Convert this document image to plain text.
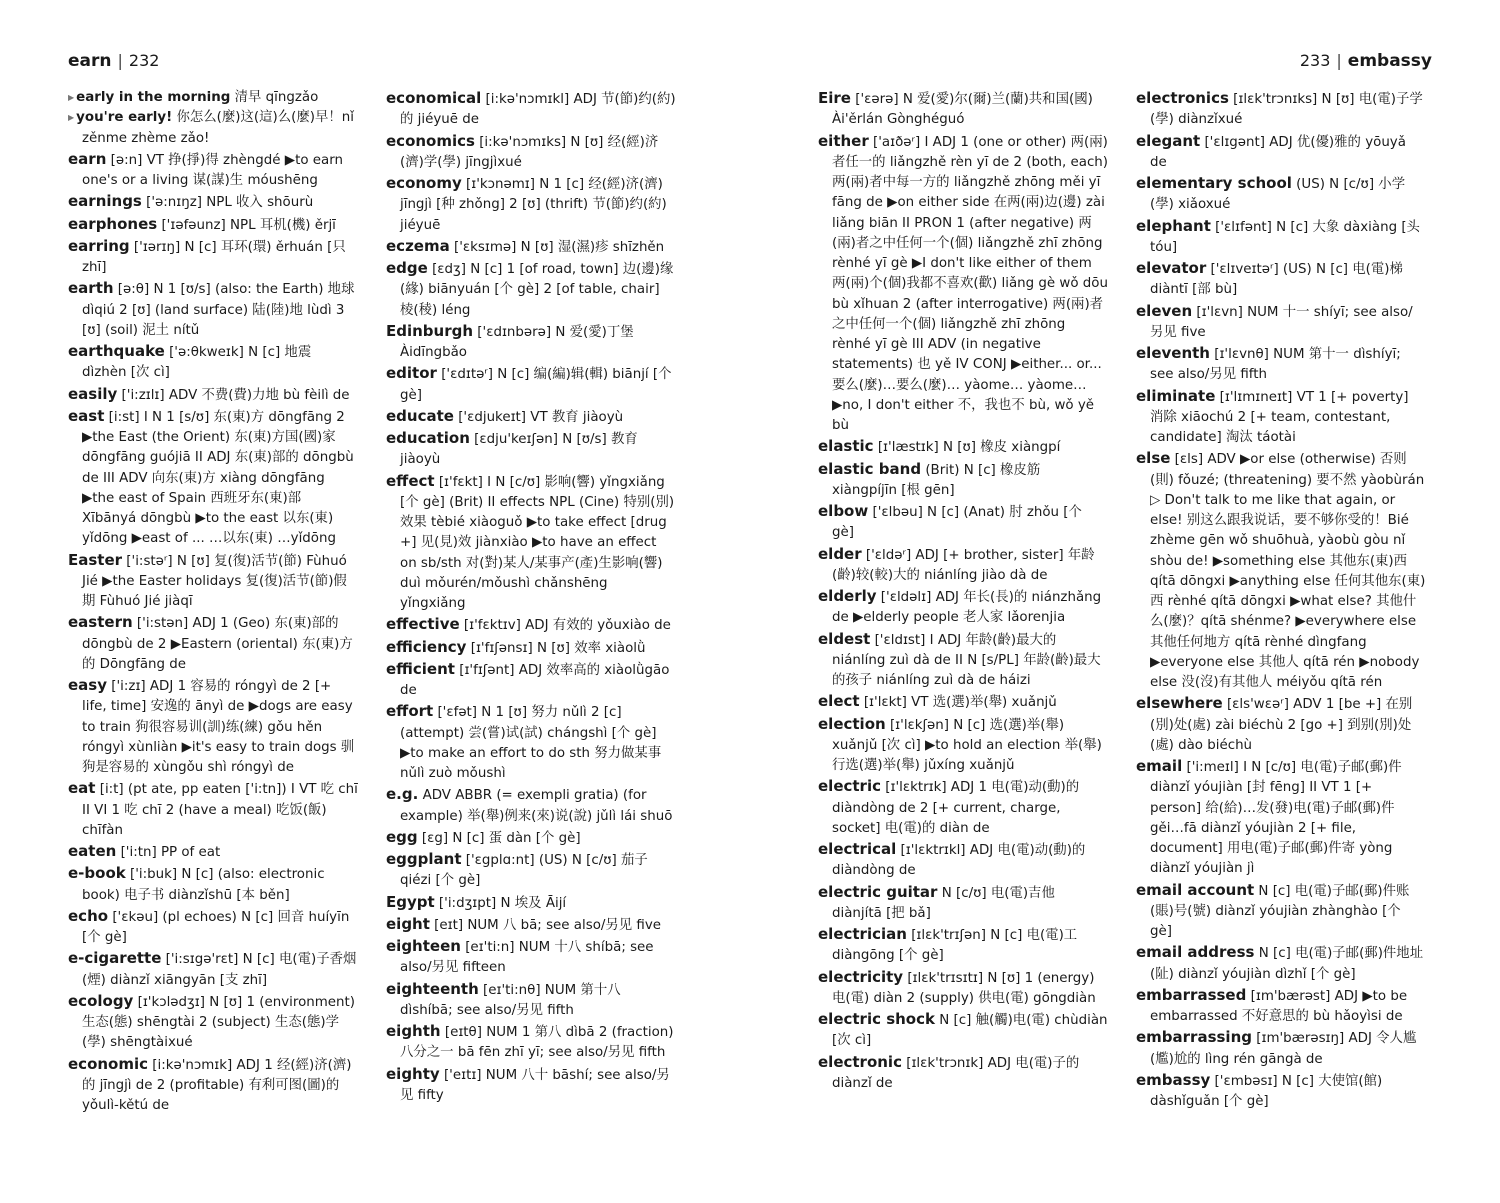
earn | 232

▶ early in the morning 清早 qīngzǎo

▶ you're early! 你怎么(麼)这(這)么(麼)早！nǐ zěnme zhème zǎo!

earn [ə:n] VT 挣(掙)得 zhèngdé ▶to earn one's or a living 谋(謀)生 móushēng

earnings ['ə:nɪŋz] NPL 收入 shōurù

earphones ['ɪəfəunz] NPL 耳机(機) ěrjī

earring ['ɪərɪŋ] N [c] 耳环(環) ěrhuán [只 zhī]

earth [ə:θ] N 1 [ʊ/s] (also: the Earth) 地球 dìqiú 2 [ʊ] (land surface) 陆(陸)地 lùdì 3 [ʊ] (soil) 泥土 nítǔ

earthquake ['ə:θkweɪk] N [c] 地震 dìzhèn [次 cì]

easily ['i:zɪlɪ] ADV 不费(費)力地 bù fèilì de

east [i:st] I N 1 [s/ʊ] 东(東)方 dōngfāng 2 ▶the East (the Orient) 东(東)方国(國)家 dōngfāng guójiā II ADJ 东(東)部的 dōngbù de III ADV 向东(東)方 xiàng dōngfāng ▶the east of Spain 西班牙东(東)部 Xībānyá dōngbù ▶to the east 以东(東) yǐdōng ▶east of ... …以东(東) …yǐdōng

Easter ['i:stəʳ] N [ʊ] 复(復)活节(節) Fùhuó Jié ▶the Easter holidays 复(復)活节(節)假期 Fùhuó Jié jiàqī

eastern ['i:stən] ADJ 1 (Geo) 东(東)部的 dōngbù de 2 ▶Eastern (oriental) 东(東)方的 Dōngfāng de

easy ['i:zɪ] ADJ 1 容易的 róngyì de 2 [+ life, time] 安逸的 ānyì de ▶dogs are easy to train 狗很容易训(訓)练(練) gǒu hěn róngyì xùnliàn ▶it's easy to train dogs 驯狗是容易的 xùngǒu shì róngyì de

eat [i:t] (pt ate, pp eaten ['i:tn]) I VT 吃 chī II VI 1 吃 chī 2 (have a meal) 吃饭(飯) chīfàn

eaten ['i:tn] PP of eat

e-book ['i:buk] N [c] (also: electronic book) 电子书 diànzǐshū [本 běn]

echo ['ɛkəu] (pl echoes) N [c] 回音 huíyīn [个 gè]

e-cigarette ['i:sɪgə'rɛt] N [c] 电(電)子香烟(煙) diànzǐ xiāngyān [支 zhī]

ecology [ɪ'kɔlədʒɪ] N [ʊ] 1 (environment) 生态(態) shēngtài 2 (subject) 生态(態)学(學) shēngtàixué

economic [i:kə'nɔmɪk] ADJ 1 经(經)济(濟)的 jīngjì de 2 (profitable) 有利可图(圖)的 yǒulì-kětú de

economical [i:kə'nɔmɪkl] ADJ 节(節)约(約)的 jiéyuē de

economics [i:kə'nɔmɪks] N [ʊ] 经(經)济(濟)学(學) jīngjìxué

economy [ɪ'kɔnəmɪ] N 1 [c] 经(經)济(濟) jīngjì [种 zhǒng] 2 [ʊ] (thrift) 节(節)约(約) jiéyuē

eczema ['ɛksɪmə] N [ʊ] 湿(濕)疹 shīzhěn

edge [ɛdʒ] N [c] 1 [of road, town] 边(邊)缘(緣) biānyuán [个 gè] 2 [of table, chair] 棱(稜) léng

Edinburgh ['ɛdɪnbərə] N 爱(愛)丁堡 Àidīngbǎo

editor ['ɛdɪtəʳ] N [c] 编(編)辑(輯) biānjí [个 gè]

educate ['ɛdjukeɪt] VT 教育 jiàoyù

education [ɛdju'keɪʃən] N [ʊ/s] 教育 jiàoyù

effect [ɪ'fɛkt] I N [c/ʊ] 影响(響) yǐngxiǎng [个 gè] (Brit) II effects NPL (Cine) 特别(別)效果 tèbié xiàoguǒ ▶to take effect [drug +] 见(見)效 jiànxiào ▶to have an effect on sb/sth 对(對)某人/某事产(產)生影响(響) duì mǒurén/mǒushì chǎnshēng yǐngxiǎng

effective [ɪ'fɛktɪv] ADJ 有效的 yǒuxiào de

efficiency [ɪ'fɪʃənsɪ] N [ʊ] 效率 xiàolǜ

efficient [ɪ'fɪʃənt] ADJ 效率高的 xiàolǜgāo de

effort ['ɛfət] N 1 [ʊ] 努力 nǔlì 2 [c] (attempt) 尝(嘗)试(試) chángshì [个 gè] ▶to make an effort to do sth 努力做某事 nǔlì zuò mǒushì

e.g. ADV ABBR (= exempli gratia) (for example) 举(舉)例来(來)说(說) jǔlì lái shuō

egg [ɛg] N [c] 蛋 dàn [个 gè]

eggplant ['ɛgplɑ:nt] (US) N [c/ʊ] 茄子 qiézi [个 gè]

Egypt ['i:dʒɪpt] N 埃及 Āijí

eight [eɪt] NUM 八 bā; see also/另见 five

eighteen [eɪ'ti:n] NUM 十八 shíbā; see also/另见 fifteen

eighteenth [eɪ'ti:nθ] NUM 第十八 dìshíbā; see also/另见 fifth

eighth [eɪtθ] NUM 1 第八 dìbā 2 (fraction) 八分之一 bā fēn zhī yī; see also/另见 fifth

eighty ['eɪtɪ] NUM 八十 bāshí; see also/另见 fifty

233 | embassy

Eire ['ɛərə] N 爱(愛)尔(爾)兰(蘭)共和国(國) Ài'ěrlán Gònghéguó

either ['aɪðəʳ] I ADJ 1 (one or other) 两(兩)者任一的 liǎngzhě rèn yī de 2 (both, each) 两(兩)者中每一方的 liǎngzhě zhōng měi yī fāng de ▶on either side 在两(兩)边(邊) zài liǎng biān II PRON 1 (after negative) 两(兩)者之中任何一个(個) liǎngzhě zhī zhōng rènhé yī gè ▶I don't like either of them 两(兩)个(個)我都不喜欢(歡) liǎng gè wǒ dōu bù xǐhuan 2 (after interrogative) 两(兩)者之中任何一个(個) liǎngzhě zhī zhōng rènhé yī gè III ADV (in negative statements) 也 yě IV CONJ ▶either... or... 要么(麼)…要么(麼)… yàome… yàome… ▶no, I don't either 不，我也不 bù, wǒ yě bù

elastic [ɪ'læstɪk] N [ʊ] 橡皮 xiàngpí

elastic band (Brit) N [c] 橡皮筋 xiàngpíjīn [根 gēn]

elbow ['ɛlbəu] N [c] (Anat) 肘 zhǒu [个 gè]

elder ['ɛldəʳ] ADJ [+ brother, sister] 年龄(齡)较(較)大的 niánlíng jiào dà de

elderly ['ɛldəlɪ] ADJ 年长(長)的 niánzhǎng de ▶elderly people 老人家 lǎorenjia

eldest ['ɛldɪst] I ADJ 年龄(齡)最大的 niánlíng zuì dà de II N [s/PL] 年龄(齡)最大的孩子 niánlíng zuì dà de háizi

elect [ɪ'lɛkt] VT 选(選)举(舉) xuǎnjǔ

election [ɪ'lɛkʃən] N [c] 选(選)举(舉) xuǎnjǔ [次 cì] ▶to hold an election 举(舉)行选(選)举(舉) jǔxíng xuǎnjǔ

electric [ɪ'lɛktrɪk] ADJ 1 电(電)动(動)的 diàndòng de 2 [+ current, charge, socket] 电(電)的 diàn de

electrical [ɪ'lɛktrɪkl] ADJ 电(電)动(動)的 diàndòng de

electric guitar N [c/ʊ] 电(電)吉他 diànjítā [把 bǎ]

electrician [ɪlɛk'trɪʃən] N [c] 电(電)工 diàngōng [个 gè]

electricity [ɪlɛk'trɪsɪtɪ] N [ʊ] 1 (energy) 电(電) diàn 2 (supply) 供电(電) gōngdiàn

electric shock N [c] 触(觸)电(電) chùdiàn [次 cì]

electronic [ɪlɛk'trɔnɪk] ADJ 电(電)子的 diànzǐ de

electronics [ɪlɛk'trɔnɪks] N [ʊ] 电(電)子学(學) diànzǐxué

elegant ['ɛlɪgənt] ADJ 优(優)雅的 yōuyǎ de

elementary school (US) N [c/ʊ] 小学(學) xiǎoxué

elephant ['ɛlɪfənt] N [c] 大象 dàxiàng [头 tóu]

elevator ['ɛlɪveɪtəʳ] (US) N [c] 电(電)梯 diàntī [部 bù]

eleven [ɪ'lɛvn] NUM 十一 shíyī; see also/另见 five

eleventh [ɪ'lɛvnθ] NUM 第十一 dìshíyī; see also/另见 fifth

eliminate [ɪ'lɪmɪneɪt] VT 1 [+ poverty] 消除 xiāochú 2 [+ team, contestant, candidate] 淘汰 táotài

else [ɛls] ADV ▶or else (otherwise) 否则(則) fǒuzé; (threatening) 要不然 yàobùrán ▷ Don't talk to me like that again, or else! 别这么跟我说话，要不够你受的！Bié zhème gēn wǒ shuōhuà, yàobù gòu nǐ shòu de! ▶something else 其他东(東)西 qítā dōngxi ▶anything else 任何其他东(東)西 rènhé qítā dōngxi ▶what else? 其他什么(麼)？qítā shénme? ▶everywhere else 其他任何地方 qítā rènhé dìngfang ▶everyone else 其他人 qítā rén ▶nobody else 没(沒)有其他人 méiyǒu qítā rén

elsewhere [ɛls'wɛəʳ] ADV 1 [be +] 在别(別)处(處) zài biéchù 2 [go +] 到别(別)处(處) dào biéchù

email ['i:meɪl] I N [c/ʊ] 电(電)子邮(郵)件 diànzǐ yóujiàn [封 fēng] II VT 1 [+ person] 给(給)…发(發)电(電)子邮(郵)件 gěi…fā diànzǐ yóujiàn 2 [+ file, document] 用电(電)子邮(郵)件寄 yòng diànzǐ yóujiàn jì

email account N [c] 电(電)子邮(郵)件账(賬)号(號) diànzǐ yóujiàn zhànghào [个 gè]

email address N [c] 电(電)子邮(郵)件地址(阯) diànzǐ yóujiàn dìzhǐ [个 gè]

embarrassed [ɪm'bærəst] ADJ ▶to be embarrassed 不好意思的 bù hǎoyìsi de

embarrassing [ɪm'bærəsɪŋ] ADJ 令人尴(尷)尬的 lìng rén gāngà de

embassy ['ɛmbəsɪ] N [c] 大使馆(館) dàshǐguǎn [个 gè]
